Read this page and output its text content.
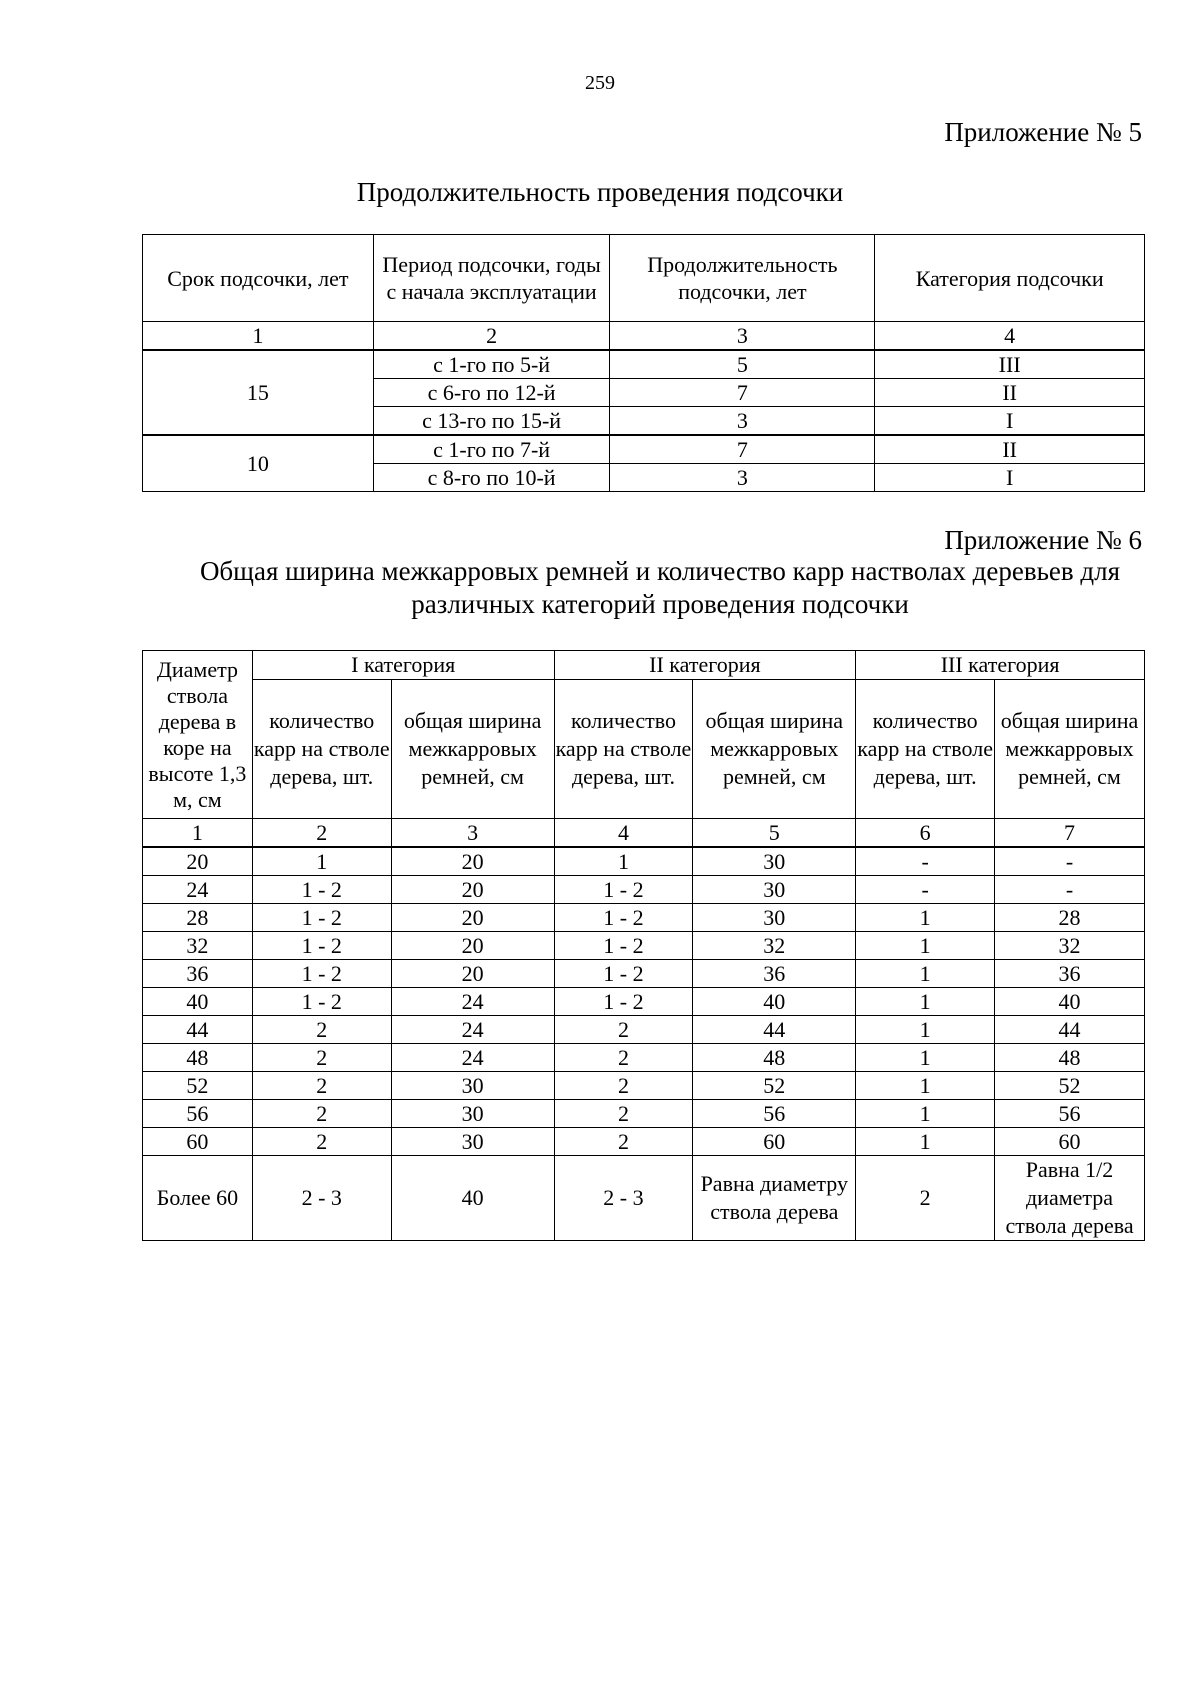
259
Приложение № 5
Продолжительность проведения подсочки
Срок подсочки, лет	Период подсочки, годы с начала эксплуатации	Продолжительность подсочки, лет	Категория подсочки
1	2	3	4
15	с 1-го по 5-й	5	III
	с 6-го по 12-й	7	II
	с 13-го по 15-й	3	I
10	с 1-го по 7-й	7	II
	с 8-го по 10-й	3	I
Приложение № 6
Общая ширина межкарровых ремней и количество карр настволах деревьев для различных категорий проведения подсочки
Диаметр ствола дерева в коре на высоте 1,3 м, см	I категория		II категория		III категория	
	количество карр на стволе дерева, шт.	общая ширина межкарровых ремней, см	количество карр на стволе дерева, шт.	общая ширина межкарровых ремней, см	количество карр на стволе дерева, шт.	общая ширина межкарровых ремней, см
1	2	3	4	5	6	7
20	1	20	1	30	-	-
24	1 - 2	20	1 - 2	30	-	-
28	1 - 2	20	1 - 2	30	1	28
32	1 - 2	20	1 - 2	32	1	32
36	1 - 2	20	1 - 2	36	1	36
40	1 - 2	24	1 - 2	40	1	40
44	2	24	2	44	1	44
48	2	24	2	48	1	48
52	2	30	2	52	1	52
56	2	30	2	56	1	56
60	2	30	2	60	1	60
Более 60	2 - 3	40	2 - 3	Равна диаметру ствола дерева	2	Равна 1/2 диаметра ствола дерева
